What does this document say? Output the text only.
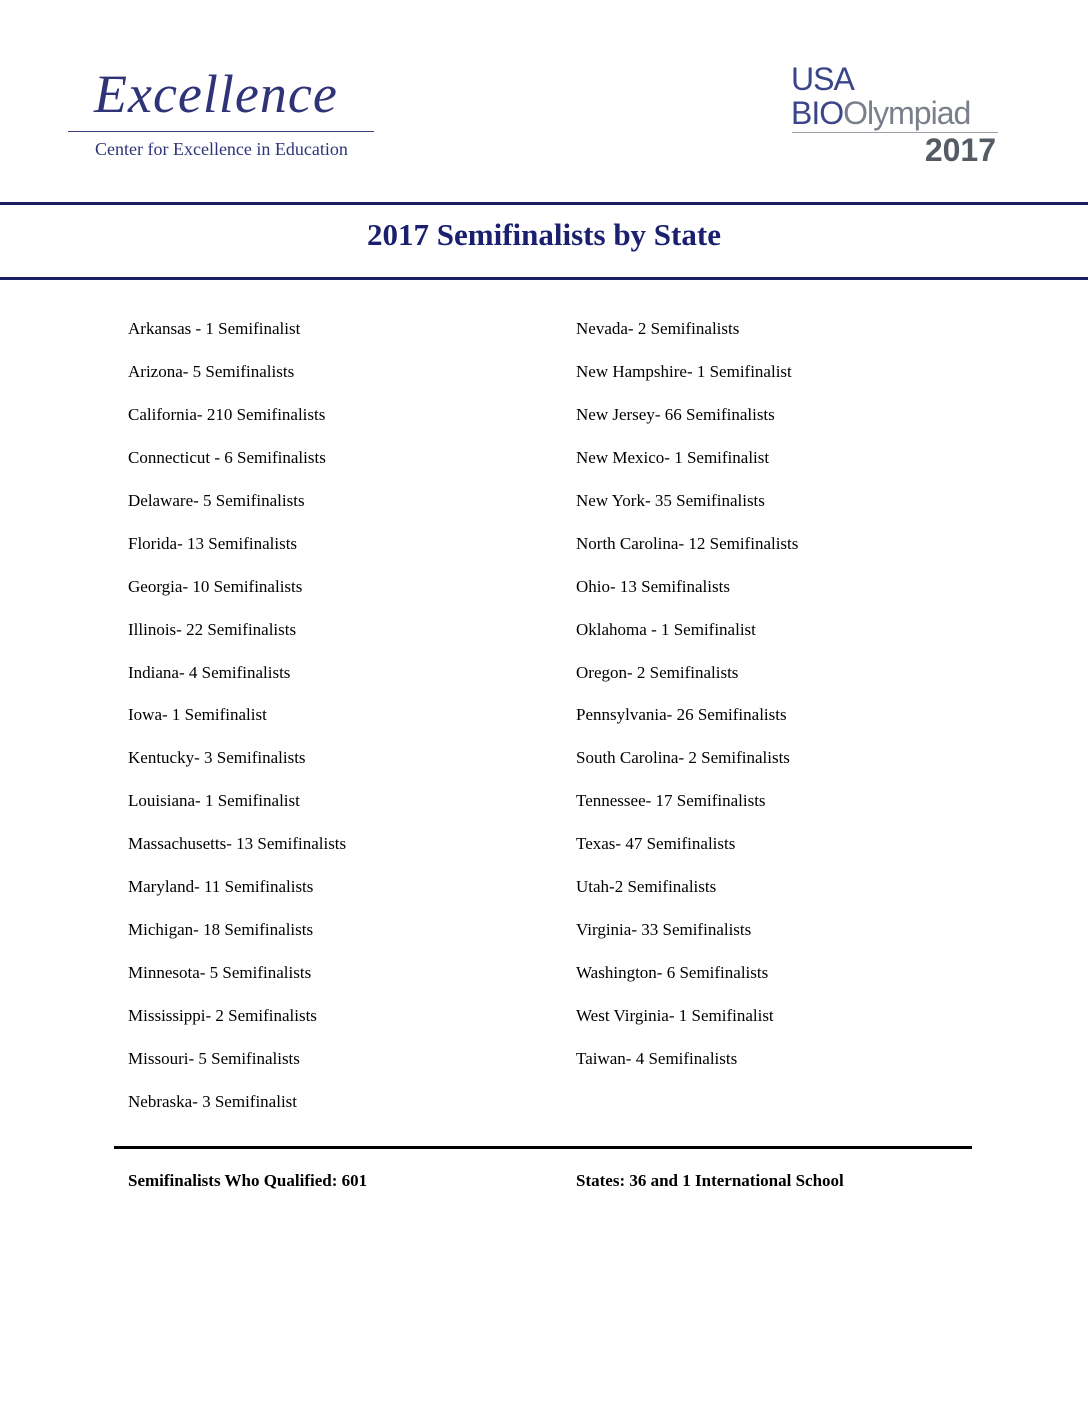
Excellence
Center for Excellence in Education
USA
BIOOlympiad
2017
2017 Semifinalists by State
Arkansas - 1 Semifinalist
Arizona- 5 Semifinalists
California- 210 Semifinalists
Connecticut - 6 Semifinalists
Delaware- 5 Semifinalists
Florida- 13 Semifinalists
Georgia- 10 Semifinalists
Illinois- 22 Semifinalists
Indiana- 4 Semifinalists
Iowa- 1 Semifinalist
Kentucky- 3 Semifinalists
Louisiana- 1 Semifinalist
Massachusetts- 13 Semifinalists
Maryland- 11 Semifinalists
Michigan- 18 Semifinalists
Minnesota- 5 Semifinalists
Mississippi- 2 Semifinalists
Missouri- 5 Semifinalists
Nebraska- 3 Semifinalist
Nevada- 2 Semifinalists
New Hampshire- 1 Semifinalist
New Jersey- 66 Semifinalists
New Mexico- 1 Semifinalist
New York- 35 Semifinalists
North Carolina- 12 Semifinalists
Ohio- 13 Semifinalists
Oklahoma - 1 Semifinalist
Oregon- 2 Semifinalists
Pennsylvania- 26 Semifinalists
South Carolina- 2 Semifinalists
Tennessee- 17 Semifinalists
Texas- 47 Semifinalists
Utah-2 Semifinalists
Virginia- 33 Semifinalists
Washington- 6 Semifinalists
West Virginia- 1 Semifinalist
Taiwan- 4 Semifinalists
Semifinalists Who Qualified: 601	States: 36 and 1 International School
